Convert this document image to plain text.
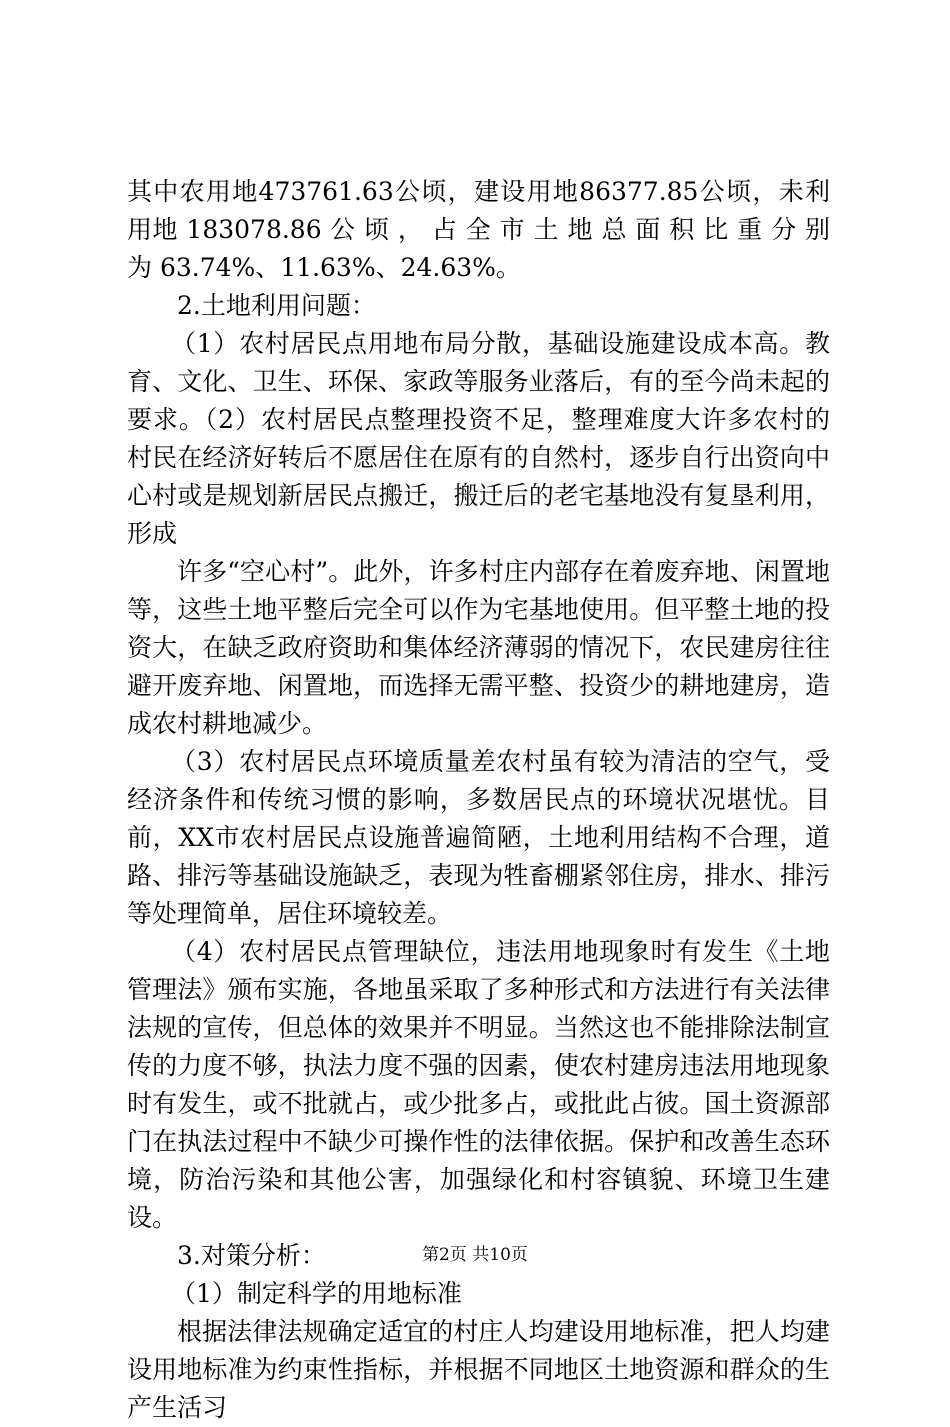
其中农用地473761.63公顷，建设用地86377.85公顷，未利用地 183078.86 公 顷 ， 占 全 市 土 地 总 面 积 比 重 分 别 为 63.74%、11.63%、24.63%。

2.土地利用问题：

（1）农村居民点用地布局分散，基础设施建设成本高。教育、文化、卫生、环保、家政等服务业落后，有的至今尚未起的要求。（2）农村居民点整理投资不足，整理难度大许多农村的村民在经济好转后不愿居住在原有的自然村，逐步自行出资向中心村或是规划新居民点搬迁，搬迁后的老宅基地没有复垦利用，形成

许多“空心村”。此外，许多村庄内部存在着废弃地、闲置地等，这些土地平整后完全可以作为宅基地使用。但平整土地的投资大，在缺乏政府资助和集体经济薄弱的情况下，农民建房往往避开废弃地、闲置地，而选择无需平整、投资少的耕地建房，造成农村耕地减少。

（3）农村居民点环境质量差农村虽有较为清洁的空气，受经济条件和传统习惯的影响，多数居民点的环境状况堪忧。目前，XX市农村居民点设施普遍简陋，土地利用结构不合理，道路、排污等基础设施缺乏，表现为牲畜棚紧邻住房，排水、排污等处理简单，居住环境较差。

（4）农村居民点管理缺位，违法用地现象时有发生《土地管理法》颁布实施，各地虽采取了多种形式和方法进行有关法律法规的宣传，但总体的效果并不明显。当然这也不能排除法制宣传的力度不够，执法力度不强的因素，使农村建房违法用地现象时有发生，或不批就占，或少批多占，或批此占彼。国土资源部门在执法过程中不缺少可操作性的法律依据。保护和改善生态环境，防治污染和其他公害，加强绿化和村容镇貌、环境卫生建设。

3.对策分析：

（1）制定科学的用地标准

根据法律法规确定适宜的村庄人均建设用地标准，把人均建设用地标准为约束性指标，并根据不同地区土地资源和群众的生产生活习

第2页 共10页
